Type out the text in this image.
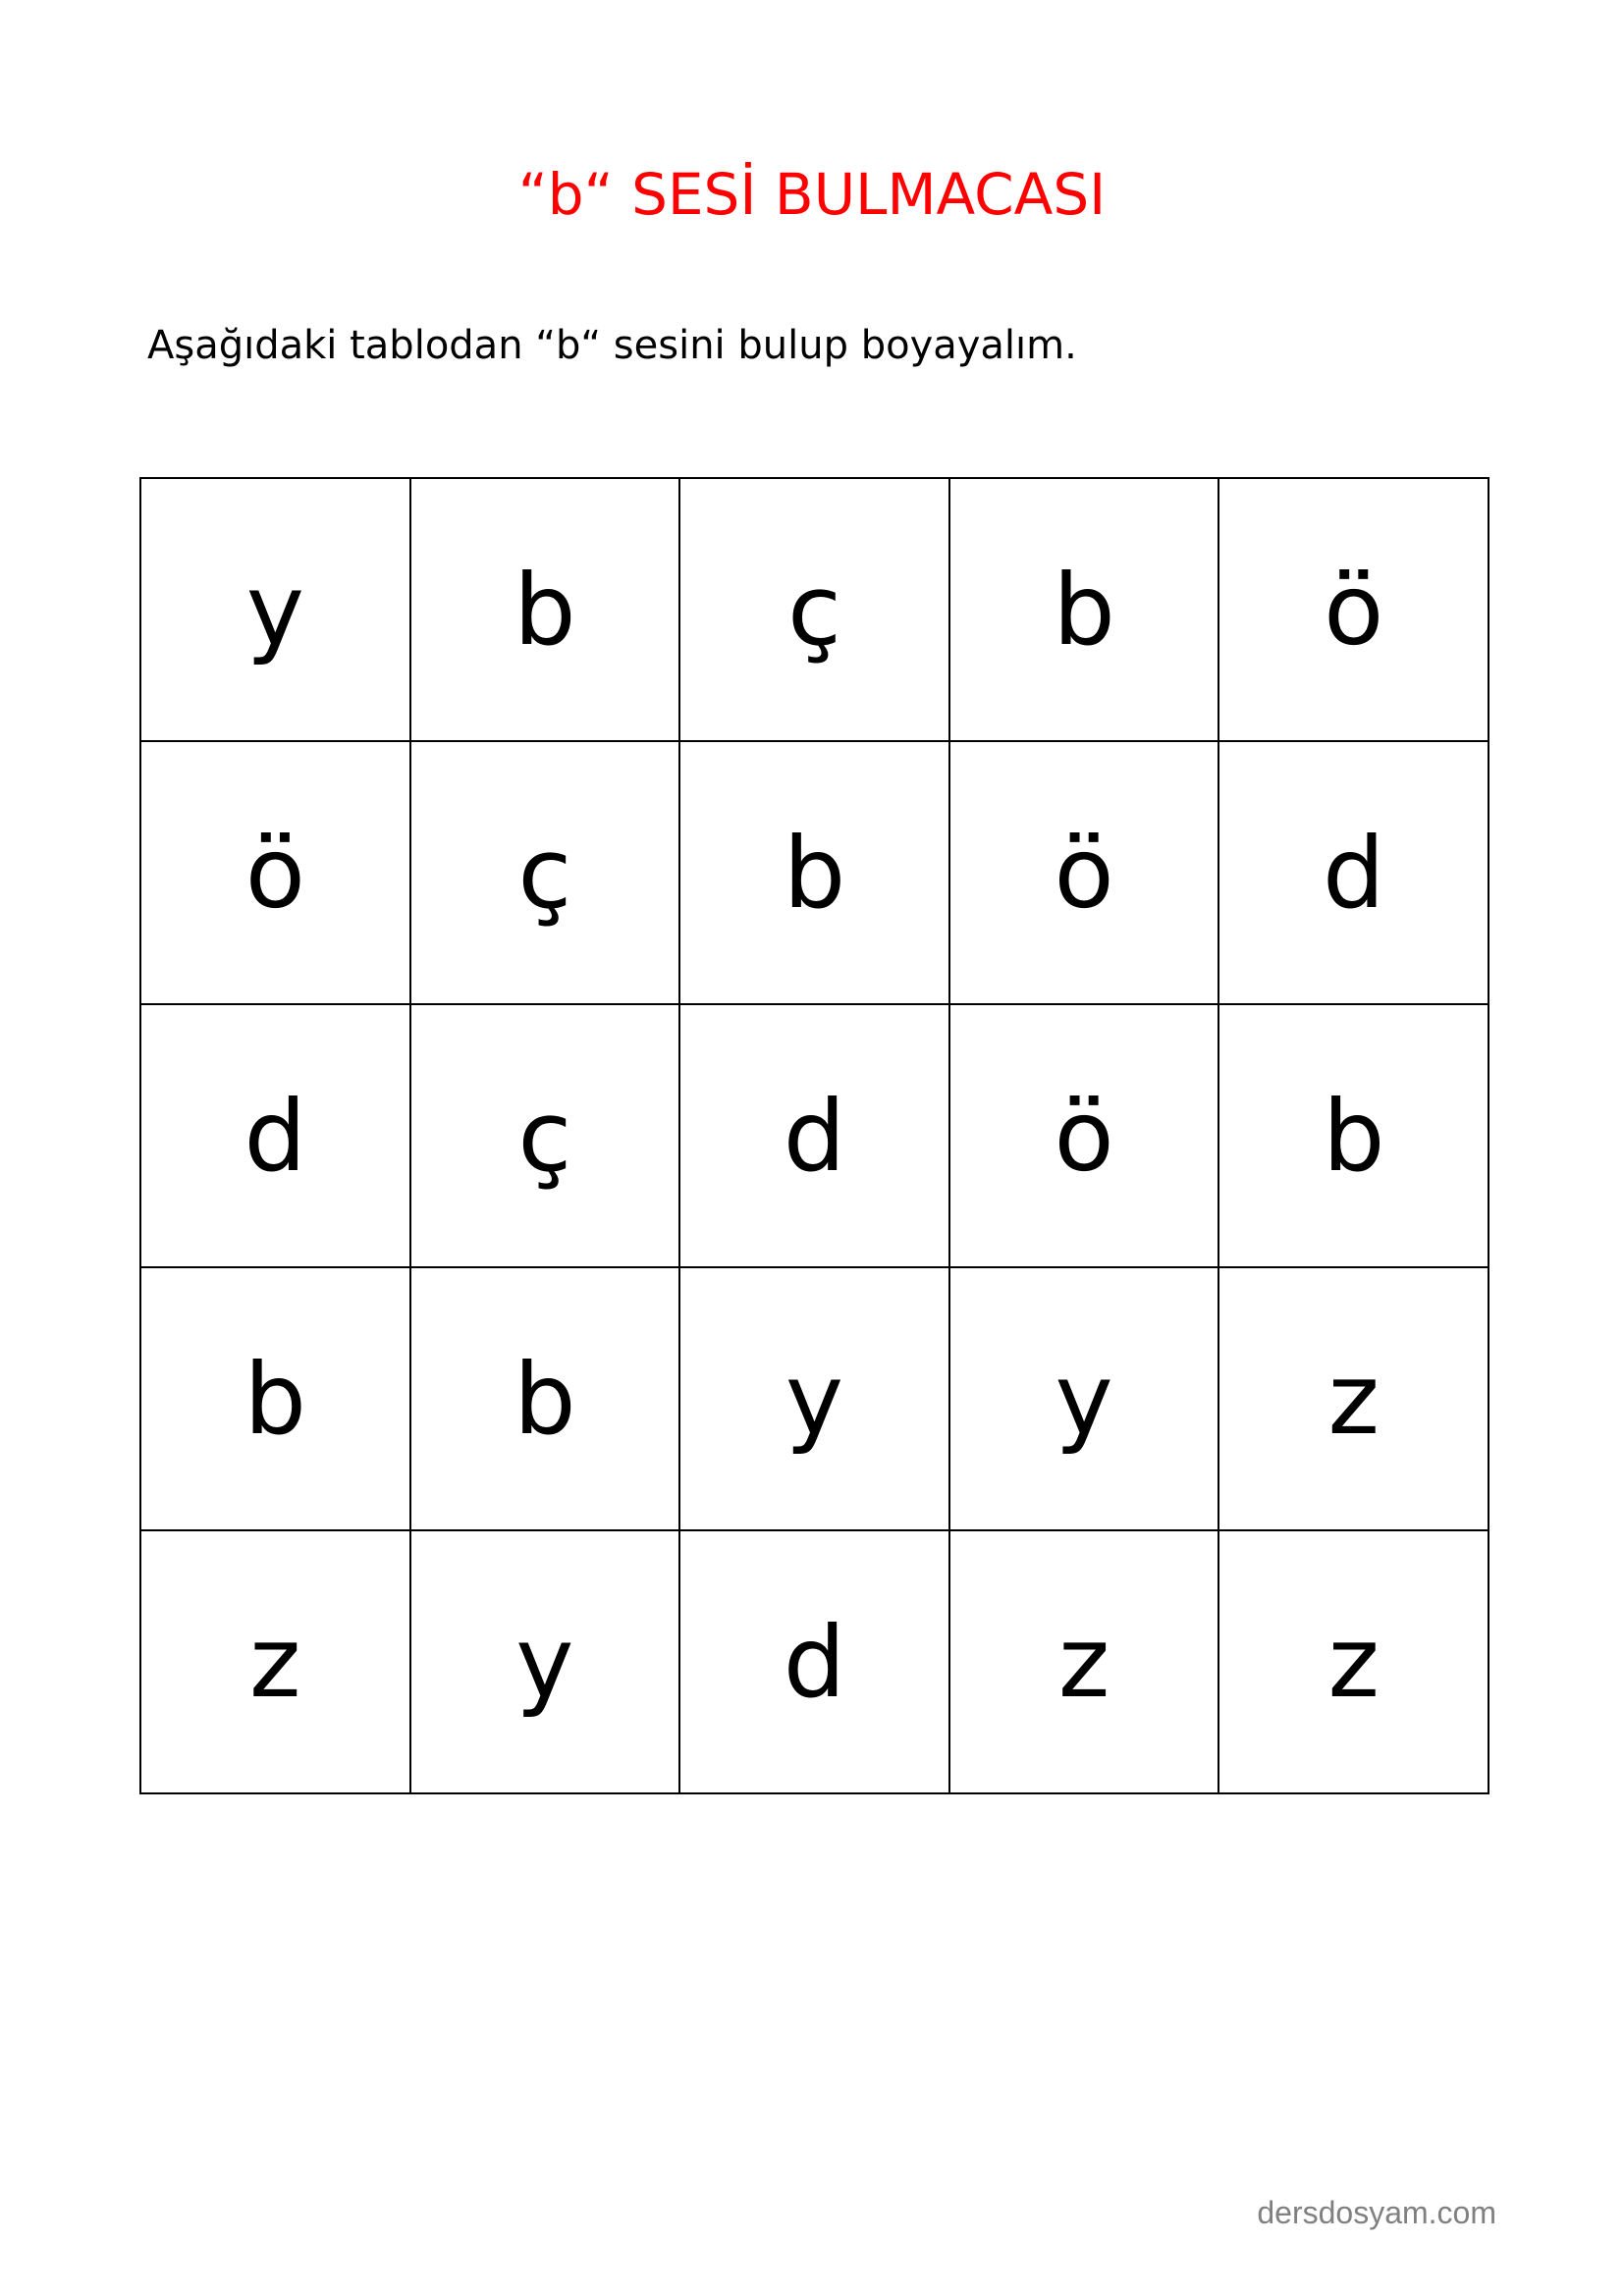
“b“ SESİ BULMACASI

Aşağıdaki tablodan “b“ sesini bulup boyayalım.

y	b	ç	b	ö
ö	ç	b	ö	d
d	ç	d	ö	b
b	b	y	y	z
z	y	d	z	z

dersdosyam.com
